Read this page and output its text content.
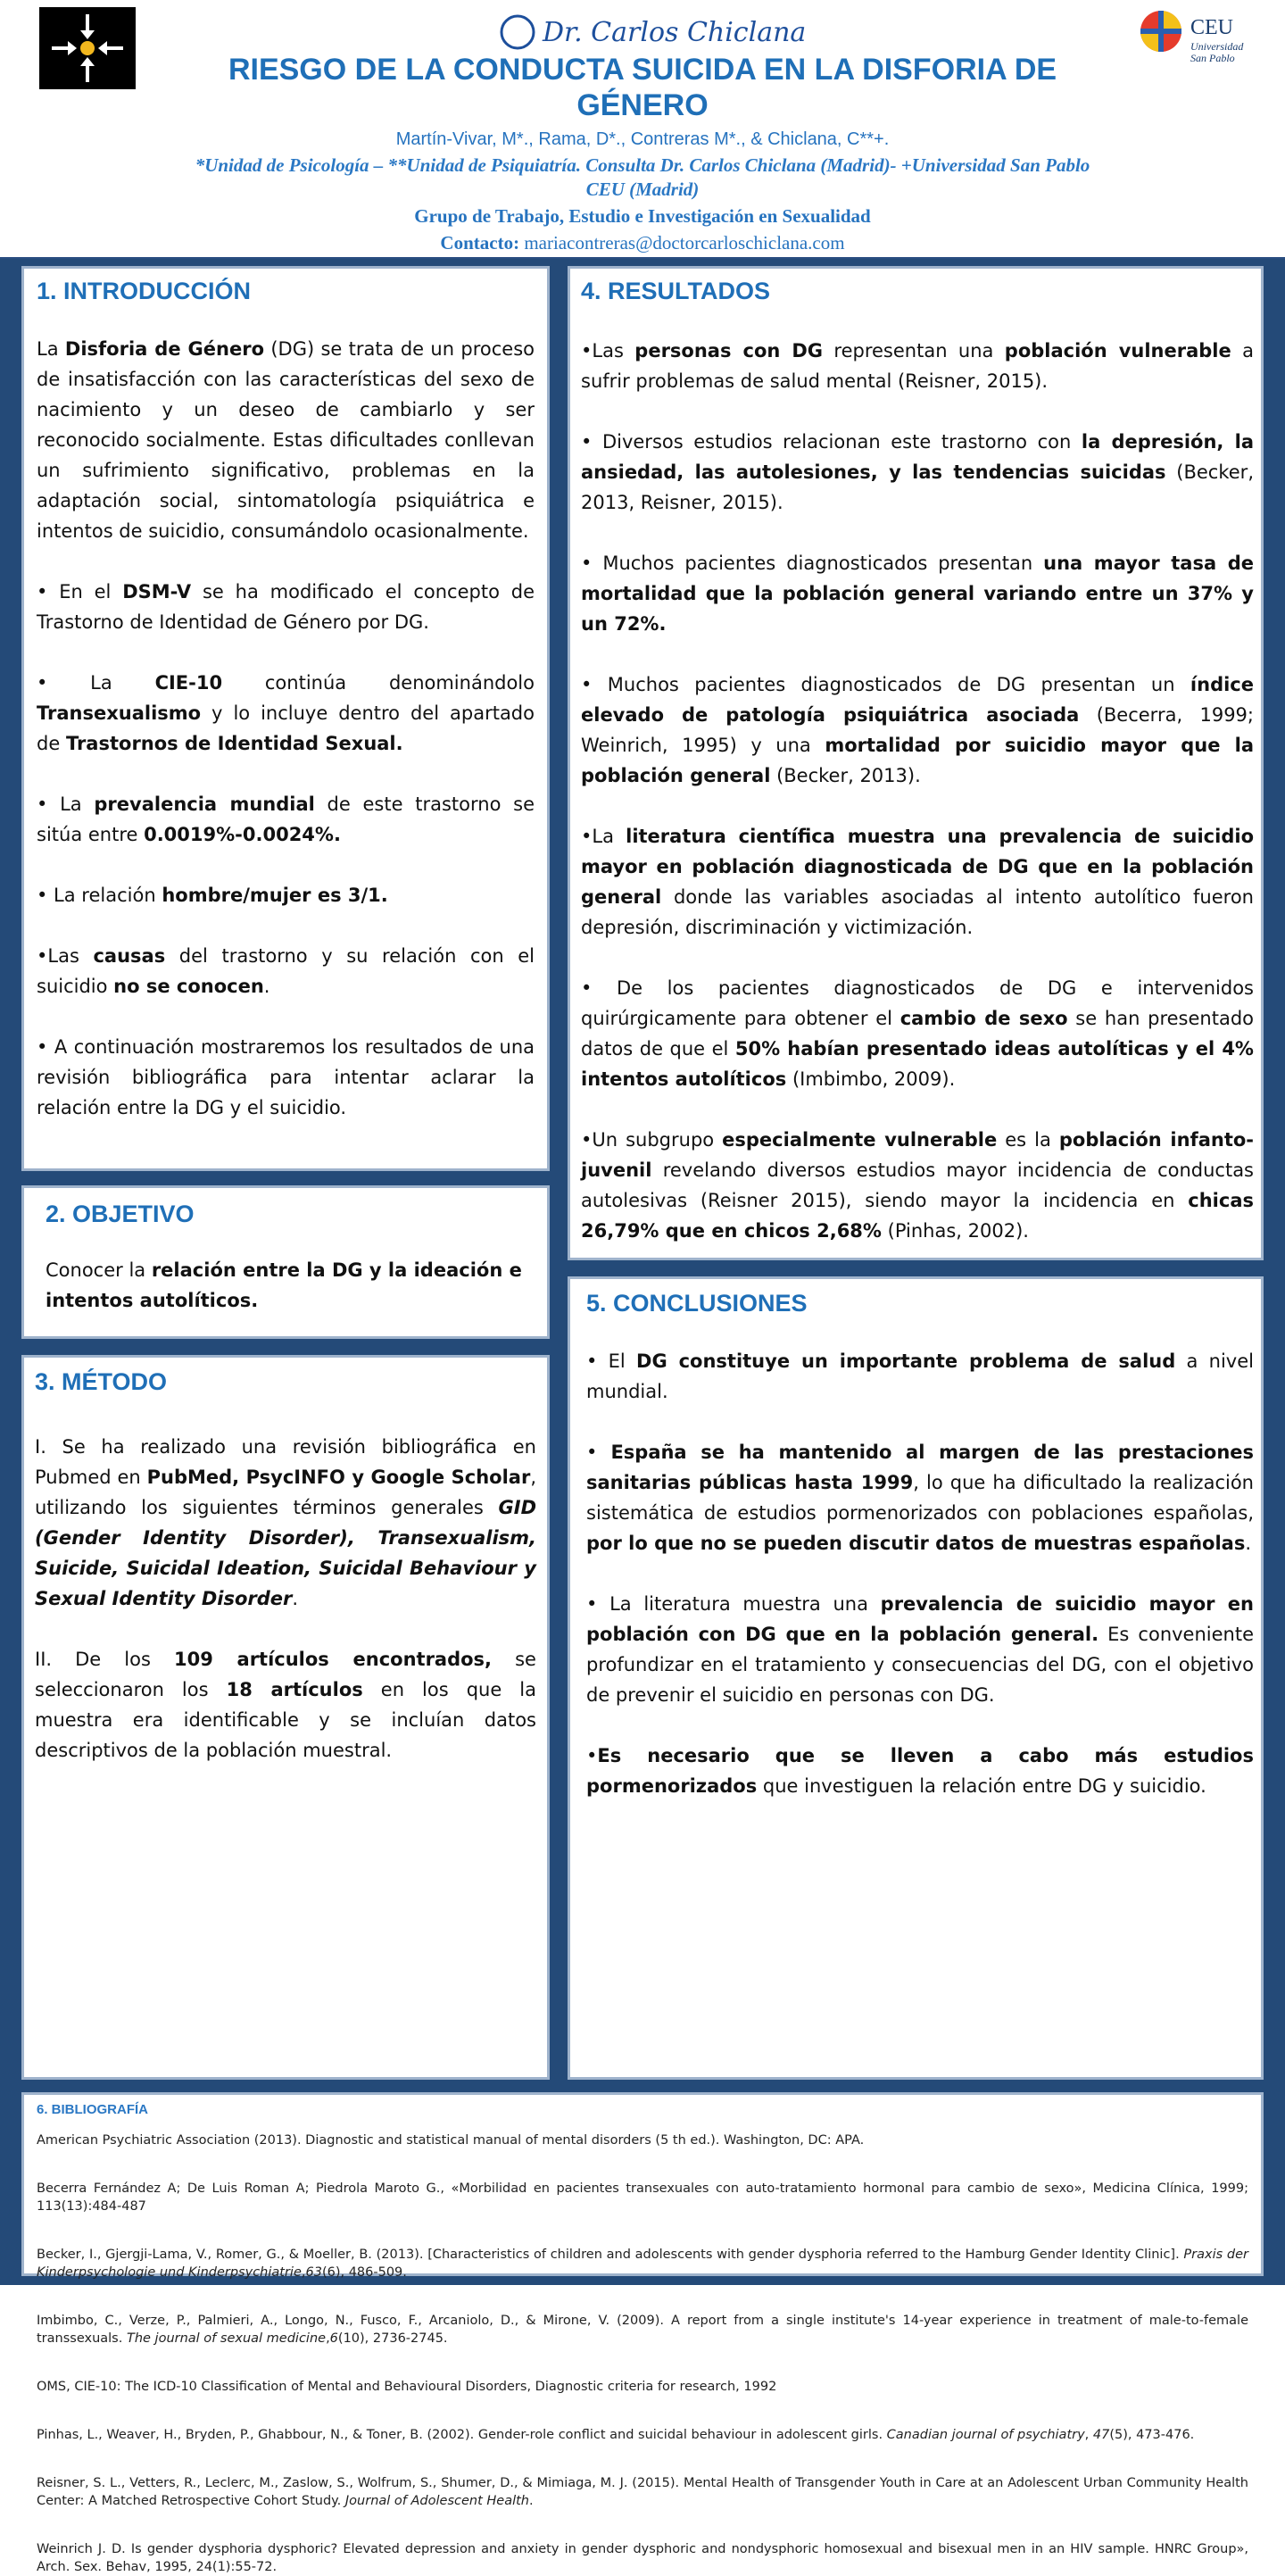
Dr. Carlos Chiclana
RIESGO DE LA CONDUCTA SUICIDA EN LA DISFORIA DE GÉNERO
Martín-Vivar, M*., Rama, D*., Contreras M*., & Chiclana, C**+.
*Unidad de Psicología – **Unidad de Psiquiatría. Consulta Dr. Carlos Chiclana (Madrid)- +Universidad San Pablo CEU (Madrid)
Grupo de Trabajo, Estudio e Investigación en Sexualidad
Contacto: mariacontreras@doctorcarloschiclana.com
CEU
Universidad
San Pablo
1. INTRODUCCIÓN

La Disforia de Género (DG) se trata de un proceso de insatisfacción con las características del sexo de nacimiento y un deseo de cambiarlo y ser reconocido socialmente. Estas dificultades conllevan un sufrimiento significativo, problemas en la adaptación social, sintomatología psiquiátrica e intentos de suicidio, consumándolo ocasionalmente.

• En el DSM-V se ha modificado el concepto de Trastorno de Identidad de Género por DG.

• La CIE-10 continúa denominándolo Transexualismo y lo incluye dentro del apartado de Trastornos de Identidad Sexual.

• La prevalencia mundial de este trastorno se sitúa entre 0.0019%-0.0024%.

• La relación hombre/mujer es 3/1.

•Las causas del trastorno y su relación con el suicidio no se conocen.

• A continuación mostraremos los resultados de una revisión bibliográfica para intentar aclarar la relación entre la DG y el suicidio.

2. OBJETIVO

Conocer la relación entre la DG y la ideación e intentos autolíticos.

3. MÉTODO

I. Se ha realizado una revisión bibliográfica en Pubmed en PubMed, PsycINFO y Google Scholar, utilizando los siguientes términos generales GID (Gender Identity Disorder), Transexualism, Suicide, Suicidal Ideation, Suicidal Behaviour y Sexual Identity Disorder.

II. De los 109 artículos encontrados, se seleccionaron los 18 artículos en los que la muestra era identificable y se incluían datos descriptivos de la población muestral.

4. RESULTADOS

•Las personas con DG representan una población vulnerable a sufrir problemas de salud mental (Reisner, 2015).

• Diversos estudios relacionan este trastorno con la depresión, la ansiedad, las autolesiones, y las tendencias suicidas (Becker, 2013, Reisner, 2015).

• Muchos pacientes diagnosticados presentan una mayor tasa de mortalidad que la población general variando entre un 37% y un 72%.

• Muchos pacientes diagnosticados de DG presentan un índice elevado de patología psiquiátrica asociada (Becerra, 1999; Weinrich, 1995) y una mortalidad por suicidio mayor que la población general (Becker, 2013).

•La literatura científica muestra una prevalencia de suicidio mayor en población diagnosticada de DG que en la población general donde las variables asociadas al intento autolítico fueron depresión, discriminación y victimización.

• De los pacientes diagnosticados de DG e intervenidos quirúrgicamente para obtener el cambio de sexo se han presentado datos de que el 50% habían presentado ideas autolíticas y el 4% intentos autolíticos (Imbimbo, 2009).

•Un subgrupo especialmente vulnerable es la población infanto-juvenil revelando diversos estudios mayor incidencia de conductas autolesivas (Reisner 2015), siendo mayor la incidencia en chicas 26,79% que en chicos 2,68% (Pinhas, 2002).

5. CONCLUSIONES

• El DG constituye un importante problema de salud a nivel mundial.

• España se ha mantenido al margen de las prestaciones sanitarias públicas hasta 1999, lo que ha dificultado la realización sistemática de estudios pormenorizados con poblaciones españolas, por lo que no se pueden discutir datos de muestras españolas.

• La literatura muestra una prevalencia de suicidio mayor en población con DG que en la población general. Es conveniente profundizar en el tratamiento y consecuencias del DG, con el objetivo de prevenir el suicidio en personas con DG.

•Es necesario que se lleven a cabo más estudios pormenorizados que investiguen la relación entre DG y suicidio.

6. BIBLIOGRAFÍA

American Psychiatric Association (2013). Diagnostic and statistical manual of mental disorders (5 th ed.). Washington, DC: APA.

Becerra Fernández A; De Luis Roman A; Piedrola Maroto G., «Morbilidad en pacientes transexuales con auto-tratamiento hormonal para cambio de sexo», Medicina Clínica, 1999; 113(13):484-487

Becker, I., Gjergji-Lama, V., Romer, G., & Moeller, B. (2013). [Characteristics of children and adolescents with gender dysphoria referred to the Hamburg Gender Identity Clinic]. Praxis der Kinderpsychologie und Kinderpsychiatrie,63(6), 486-509.

Imbimbo, C., Verze, P., Palmieri, A., Longo, N., Fusco, F., Arcaniolo, D., & Mirone, V. (2009). A report from a single institute's 14-year experience in treatment of male-to-female transsexuals. The journal of sexual medicine,6(10), 2736-2745.

OMS, CIE-10: The ICD-10 Classification of Mental and Behavioural Disorders, Diagnostic criteria for research, 1992

Pinhas, L., Weaver, H., Bryden, P., Ghabbour, N., & Toner, B. (2002). Gender-role conflict and suicidal behaviour in adolescent girls. Canadian journal of psychiatry, 47(5), 473-476.

Reisner, S. L., Vetters, R., Leclerc, M., Zaslow, S., Wolfrum, S., Shumer, D., & Mimiaga, M. J. (2015). Mental Health of Transgender Youth in Care at an Adolescent Urban Community Health Center: A Matched Retrospective Cohort Study. Journal of Adolescent Health.

Weinrich J. D. Is gender dysphoria dysphoric? Elevated depression and anxiety in gender dysphoric and nondysphoric homosexual and bisexual men in an HIV sample. HNRC Group», Arch. Sex. Behav, 1995, 24(1):55-72.
